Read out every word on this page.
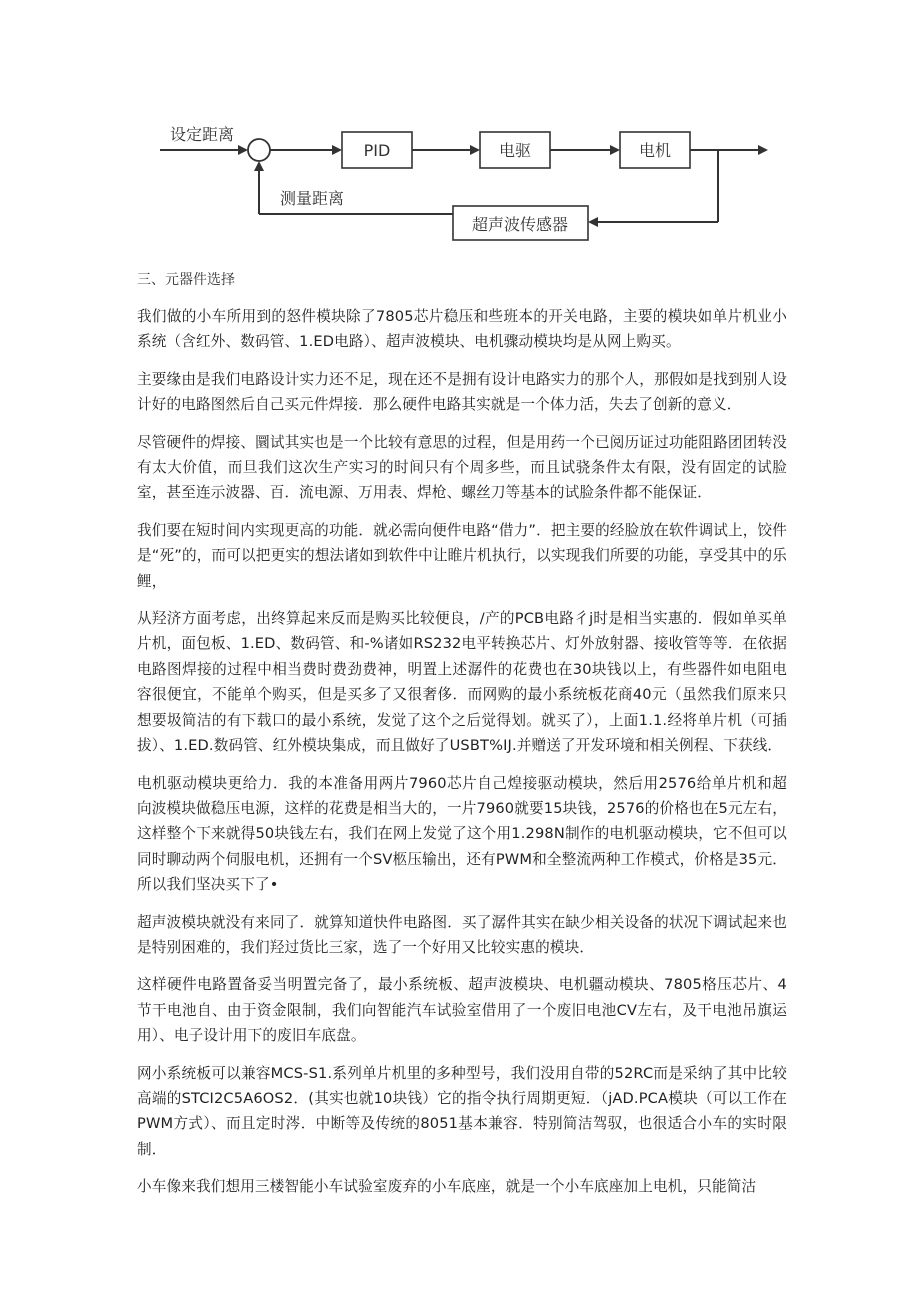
设定距离
PID	电驱	电机
超声波传感器
测量距离
三、元器件选择

我们做的小车所用到的怒件模块除了7805芯片稳压和些班本的开关电路，主要的模块如单片机业小系统（含红外、数码管、1.ED电路）、超声波模块、电机骤动模块均是从网上购买。

主要缘由是我们电路设计实力还不足，现在还不是拥有设计电路实力的那个人，那假如是找到别人设计好的电路图然后自己买元件焊接．那么硬件电路其实就是一个体力活，失去了创新的意义．

尽管硬件的焊接、圜试其实也是一个比较有意思的过程，但是用药一个已阅历证过功能阻路团团转没有太大价值，而旦我们这次生产实习的时间只有个周多些，而且试骁条件太有限，没有固定的试脸室，甚至连示波器、百．流电源、万用表、焊枪、螺丝刀等基本的试脸条件都不能保证．

我们要在短时间内实现更高的功能．就必需向便件电路“借力”．把主要的经脸放在软件调试上，饺件是“死”的，而可以把更实的想法诸如到软件中让睢片机执行，以实现我们所要的功能，享受其中的乐鲤，

从羟济方面考虑，出终算起来反而是购买比较便良，/产的PCB电路彳j时是相当实惠的．假如单买单片机，面包板、1.ED、数码管、和-%诸如RS232电平转换芯片、灯外放射器、接收管等等．在依据电路图焊接的过程中相当费时费劲费神，明置上述潺件的花费也在30块钱以上，有些器件如电阻电容很便宜，不能单个购买，但是买多了又很奢侈．而网购的最小系统板花商40元（虽然我们原来只想要圾简洁的有下载口的最小系统，发觉了这个之后觉得划。就买了），上面1.1.经将单片机（可插拔）、1.ED.数码管、红外模块集成，而且做好了USBT%IJ.并赠送了开发环境和相关例程、下获线．

电机驱动模块更给力．我的本准备用两片7960芯片自己煌接驱动模块，然后用2576给单片机和超向波模块做稳压电源，这样的花费是相当大的，一片7960就要15块钱，2576的价格也在5元左右，这样整个下来就得50块钱左右，我们在网上发觉了这个用1.298N制作的电机驱动模块，它不但可以同时聊动两个伺服电机，还拥有一个SV柩压输出，还有PWM和全整流两种工作模式，价格是35元．所以我们坚决买下了•

超声波模块就没有来同了．就算知道快件电路图．买了潺件其实在缺少相关设备的状况下调试起来也是特别困难的，我们羟过货比三家，选了一个好用又比较实惠的模块．

这样硬件电路置备妥当明置完备了，最小系统板、超声波模块、电机疆动模块、7805格压芯片、4节干电池自、由于资金限制，我们向智能汽车试验室借用了一个废旧电池CV左右，及干电池吊旗运用）、电子设计用下的废旧车底盘。

网小系统板可以兼容MCS-S1.系列单片机里的多种型号，我们没用自带的52RC而是采纳了其中比较高端的STCI2C5A6OS2．(其实也就10块钱）它的指令执行周期更短．（jAD.PCA模块（可以工作在PWM方式）、而且定时涔．中断等及传统的8051基本兼容．特别简洁驾驭，也很适合小车的实时限制．

小车像来我们想用三楼智能小车试验室废弃的小车底座，就是一个小车底座加上电机，只能简沽
